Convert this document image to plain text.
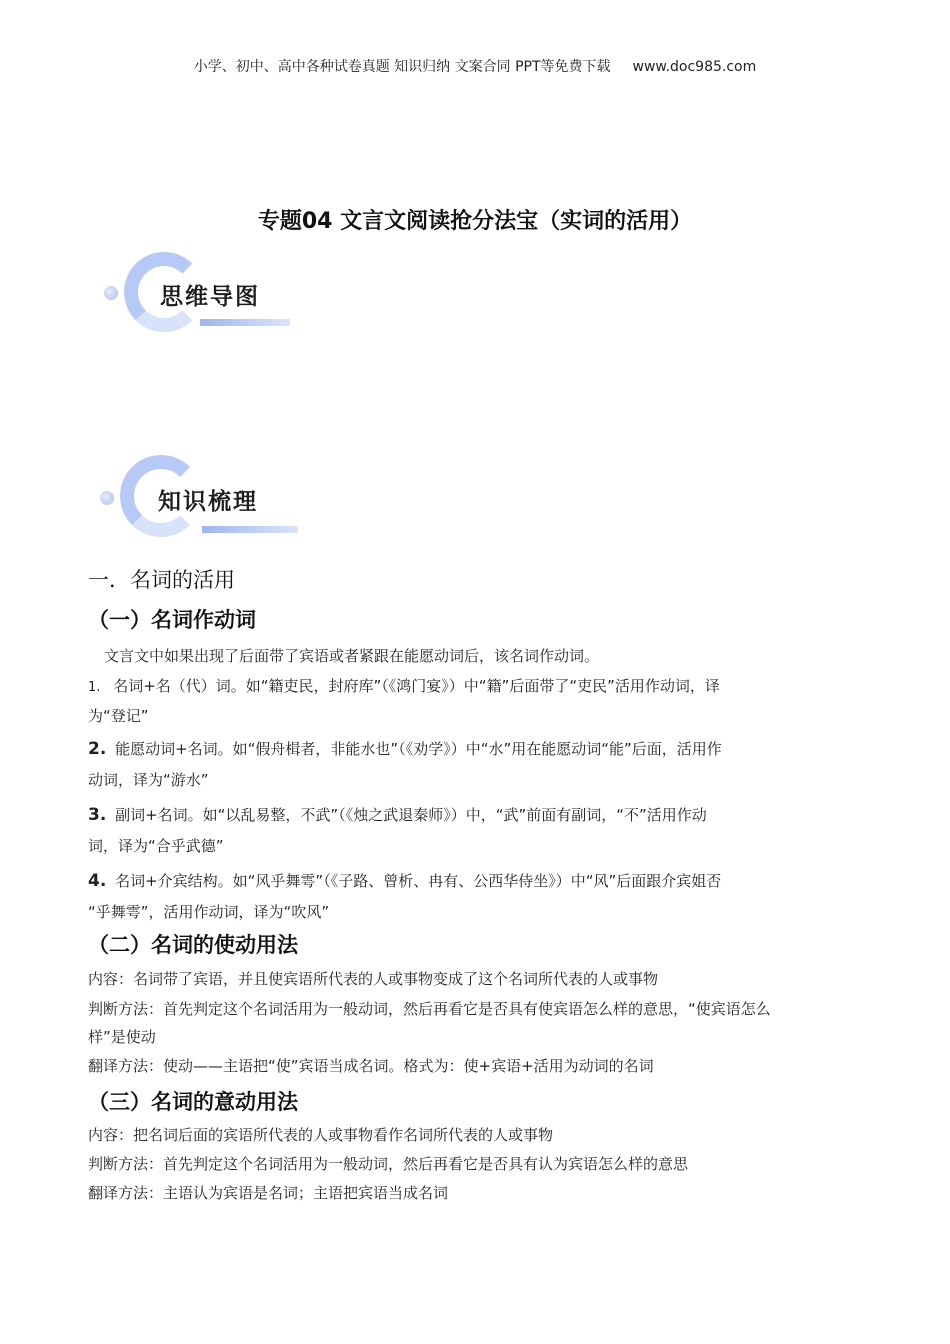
小学、初中、高中各种试卷真题 知识归纳 文案合同 PPT等免费下载 www.doc985.com
专题04 文言文阅读抢分法宝（实词的活用）
思维导图
知识梳理
一．名词的活用
（一）名词作动词
文言文中如果出现了后面带了宾语或者紧跟在能愿动词后，该名词作动词。
1. 名词+名（代）词。如“籍吏民，封府库”（《鸿门宴》）中“籍”后面带了“吏民”活用作动词，译
为“登记”
2. 能愿动词+名词。如“假舟楫者，非能水也”（《劝学》）中“水”用在能愿动词“能”后面，活用作
动词，译为“游水”
3. 副词+名词。如“以乱易整，不武”（《烛之武退秦师》）中，“武”前面有副词，“不”活用作动
词，译为“合乎武德”
4. 名词+介宾结构。如“风乎舞雩”（《子路、曾析、冉有、公西华侍坐》）中“风”后面跟介宾姐否
“乎舞雩”，活用作动词，译为“吹风”
（二）名词的使动用法
内容：名词带了宾语，并且使宾语所代表的人或事物变成了这个名词所代表的人或事物
判断方法：首先判定这个名词活用为一般动词，然后再看它是否具有使宾语怎么样的意思，“使宾语怎么
样”是使动
翻译方法：使动——主语把“使”宾语当成名词。格式为：使+宾语+活用为动词的名词
（三）名词的意动用法
内容：把名词后面的宾语所代表的人或事物看作名词所代表的人或事物
判断方法：首先判定这个名词活用为一般动词，然后再看它是否具有认为宾语怎么样的意思
翻译方法：主语认为宾语是名词；主语把宾语当成名词
